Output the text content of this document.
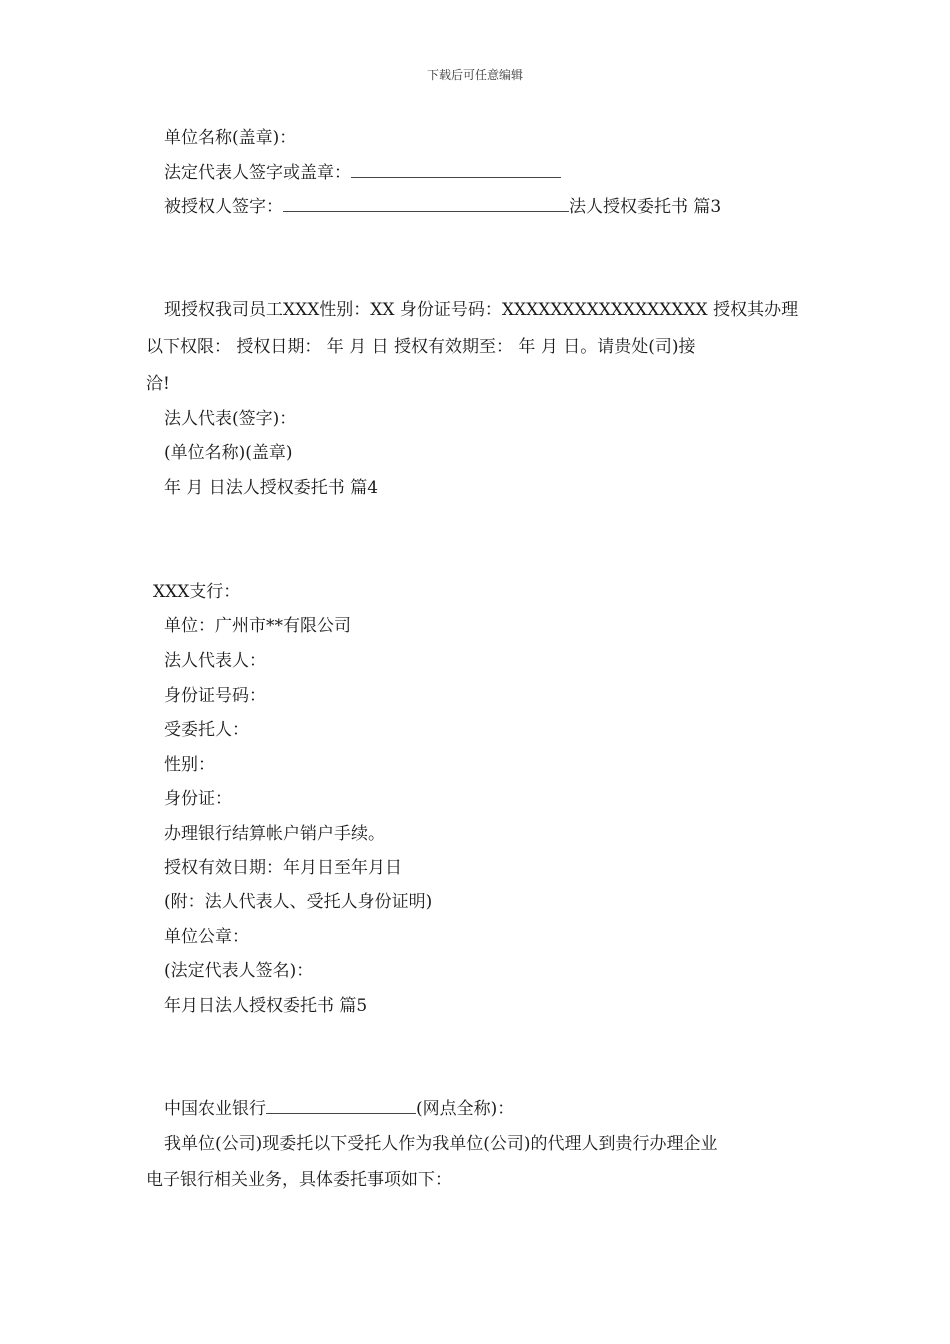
下载后可任意编辑
单位名称(盖章)：
法定代表人签字或盖章：
被授权人签字：	法人授权委托书 篇3
现授权我司员工XXX性别：XX 身份证号码：XXXXXXXXXXXXXXXXX 授权其办理
以下权限： 授权日期： 年 月 日 授权有效期至： 年 月 日。请贵处(司)接
洽!
法人代表(签字)：
(单位名称)(盖章)
年 月 日法人授权委托书 篇4
XXX支行：
单位：广州市**有限公司
法人代表人：
身份证号码：
受委托人：
性别：
身份证：
办理银行结算帐户销户手续。
授权有效日期：年月日至年月日
(附：法人代表人、受托人身份证明)
单位公章：
(法定代表人签名)：
年月日法人授权委托书 篇5
中国农业银行	(网点全称)：
我单位(公司)现委托以下受托人作为我单位(公司)的代理人到贵行办理企业
电子银行相关业务，具体委托事项如下：
